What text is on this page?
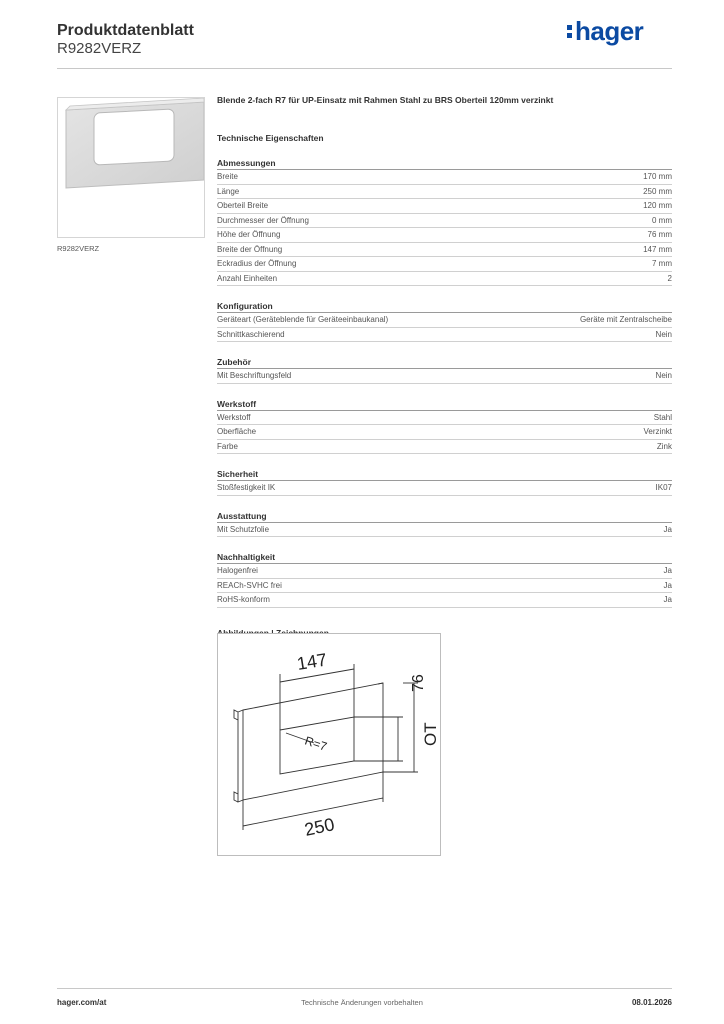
Produktdatenblatt
R9282VERZ
hager
R9282VERZ
Blende 2-fach R7 für UP-Einsatz mit Rahmen Stahl zu BRS Oberteil 120mm verzinkt
Technische Eigenschaften
Abmessungen
Breite	170 mm
Länge	250 mm
Oberteil Breite	120 mm
Durchmesser der Öffnung	0 mm
Höhe der Öffnung	76 mm
Breite der Öffnung	147 mm
Eckradius der Öffnung	7 mm
Anzahl Einheiten	2
Konfiguration
Geräteart (Geräteblende für Geräteeinbaukanal)	Geräte mit Zentralscheibe
Schnittkaschierend	Nein
Zubehör
Mit Beschriftungsfeld	Nein
Werkstoff
Werkstoff	Stahl
Oberfläche	Verzinkt
Farbe	Zink
Sicherheit
Stoßfestigkeit IK	IK07
Ausstattung
Mit Schutzfolie	Ja
Nachhaltigkeit
Halogenfrei	Ja
REACh-SVHC frei	Ja
RoHS-konform	Ja
147
76
OT
R=7
250
hager.com/at	Technische Änderungen vorbehalten	08.01.2026
